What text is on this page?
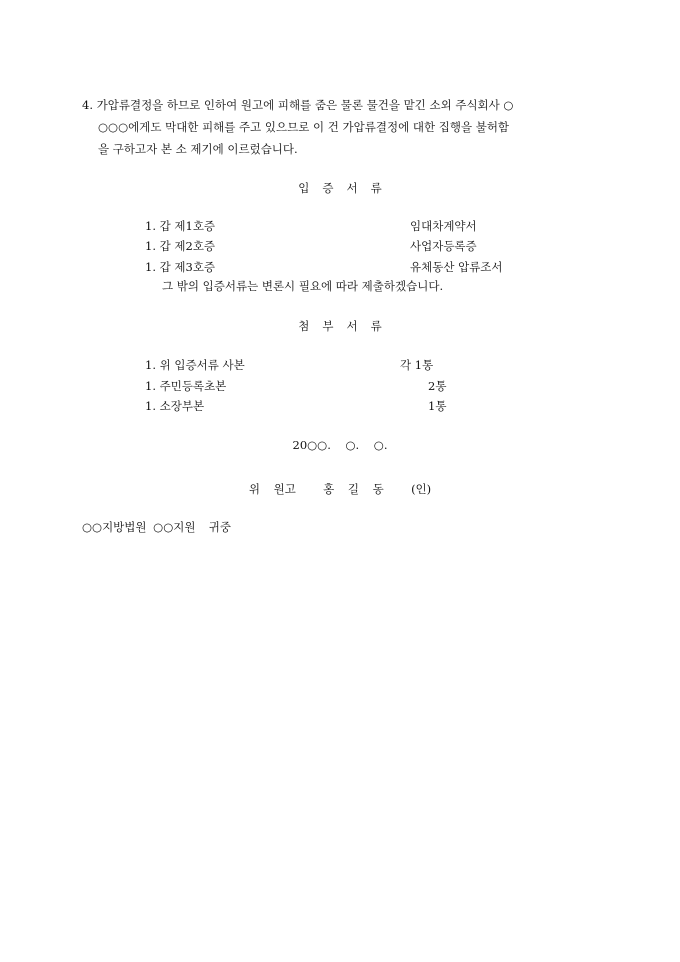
4. 가압류결정을 하므로 인하여 원고에 피해를 줌은 물론 물건을 맡긴 소외 주식회사 ○
○○○에게도 막대한 피해를 주고 있으므로 이 건 가압류결정에 대한 집행을 불허함
을 구하고자 본 소 제기에 이르렀습니다.
입증서류
1. 갑 제1호증	임대차계약서
1. 갑 제2호증	사업자등록증
1. 갑 제3호증	유체동산 압류조서
그 밖의 입증서류는 변론시 필요에 따라 제출하겠습니다.
첨부서류
1. 위 입증서류 사본	각 1통
1. 주민등록초본	2통
1. 소장부본	1통
20○○.    ○.    ○.
위 원고  홍 길 동  (인)
○○지방법원 ○○지원  귀중
